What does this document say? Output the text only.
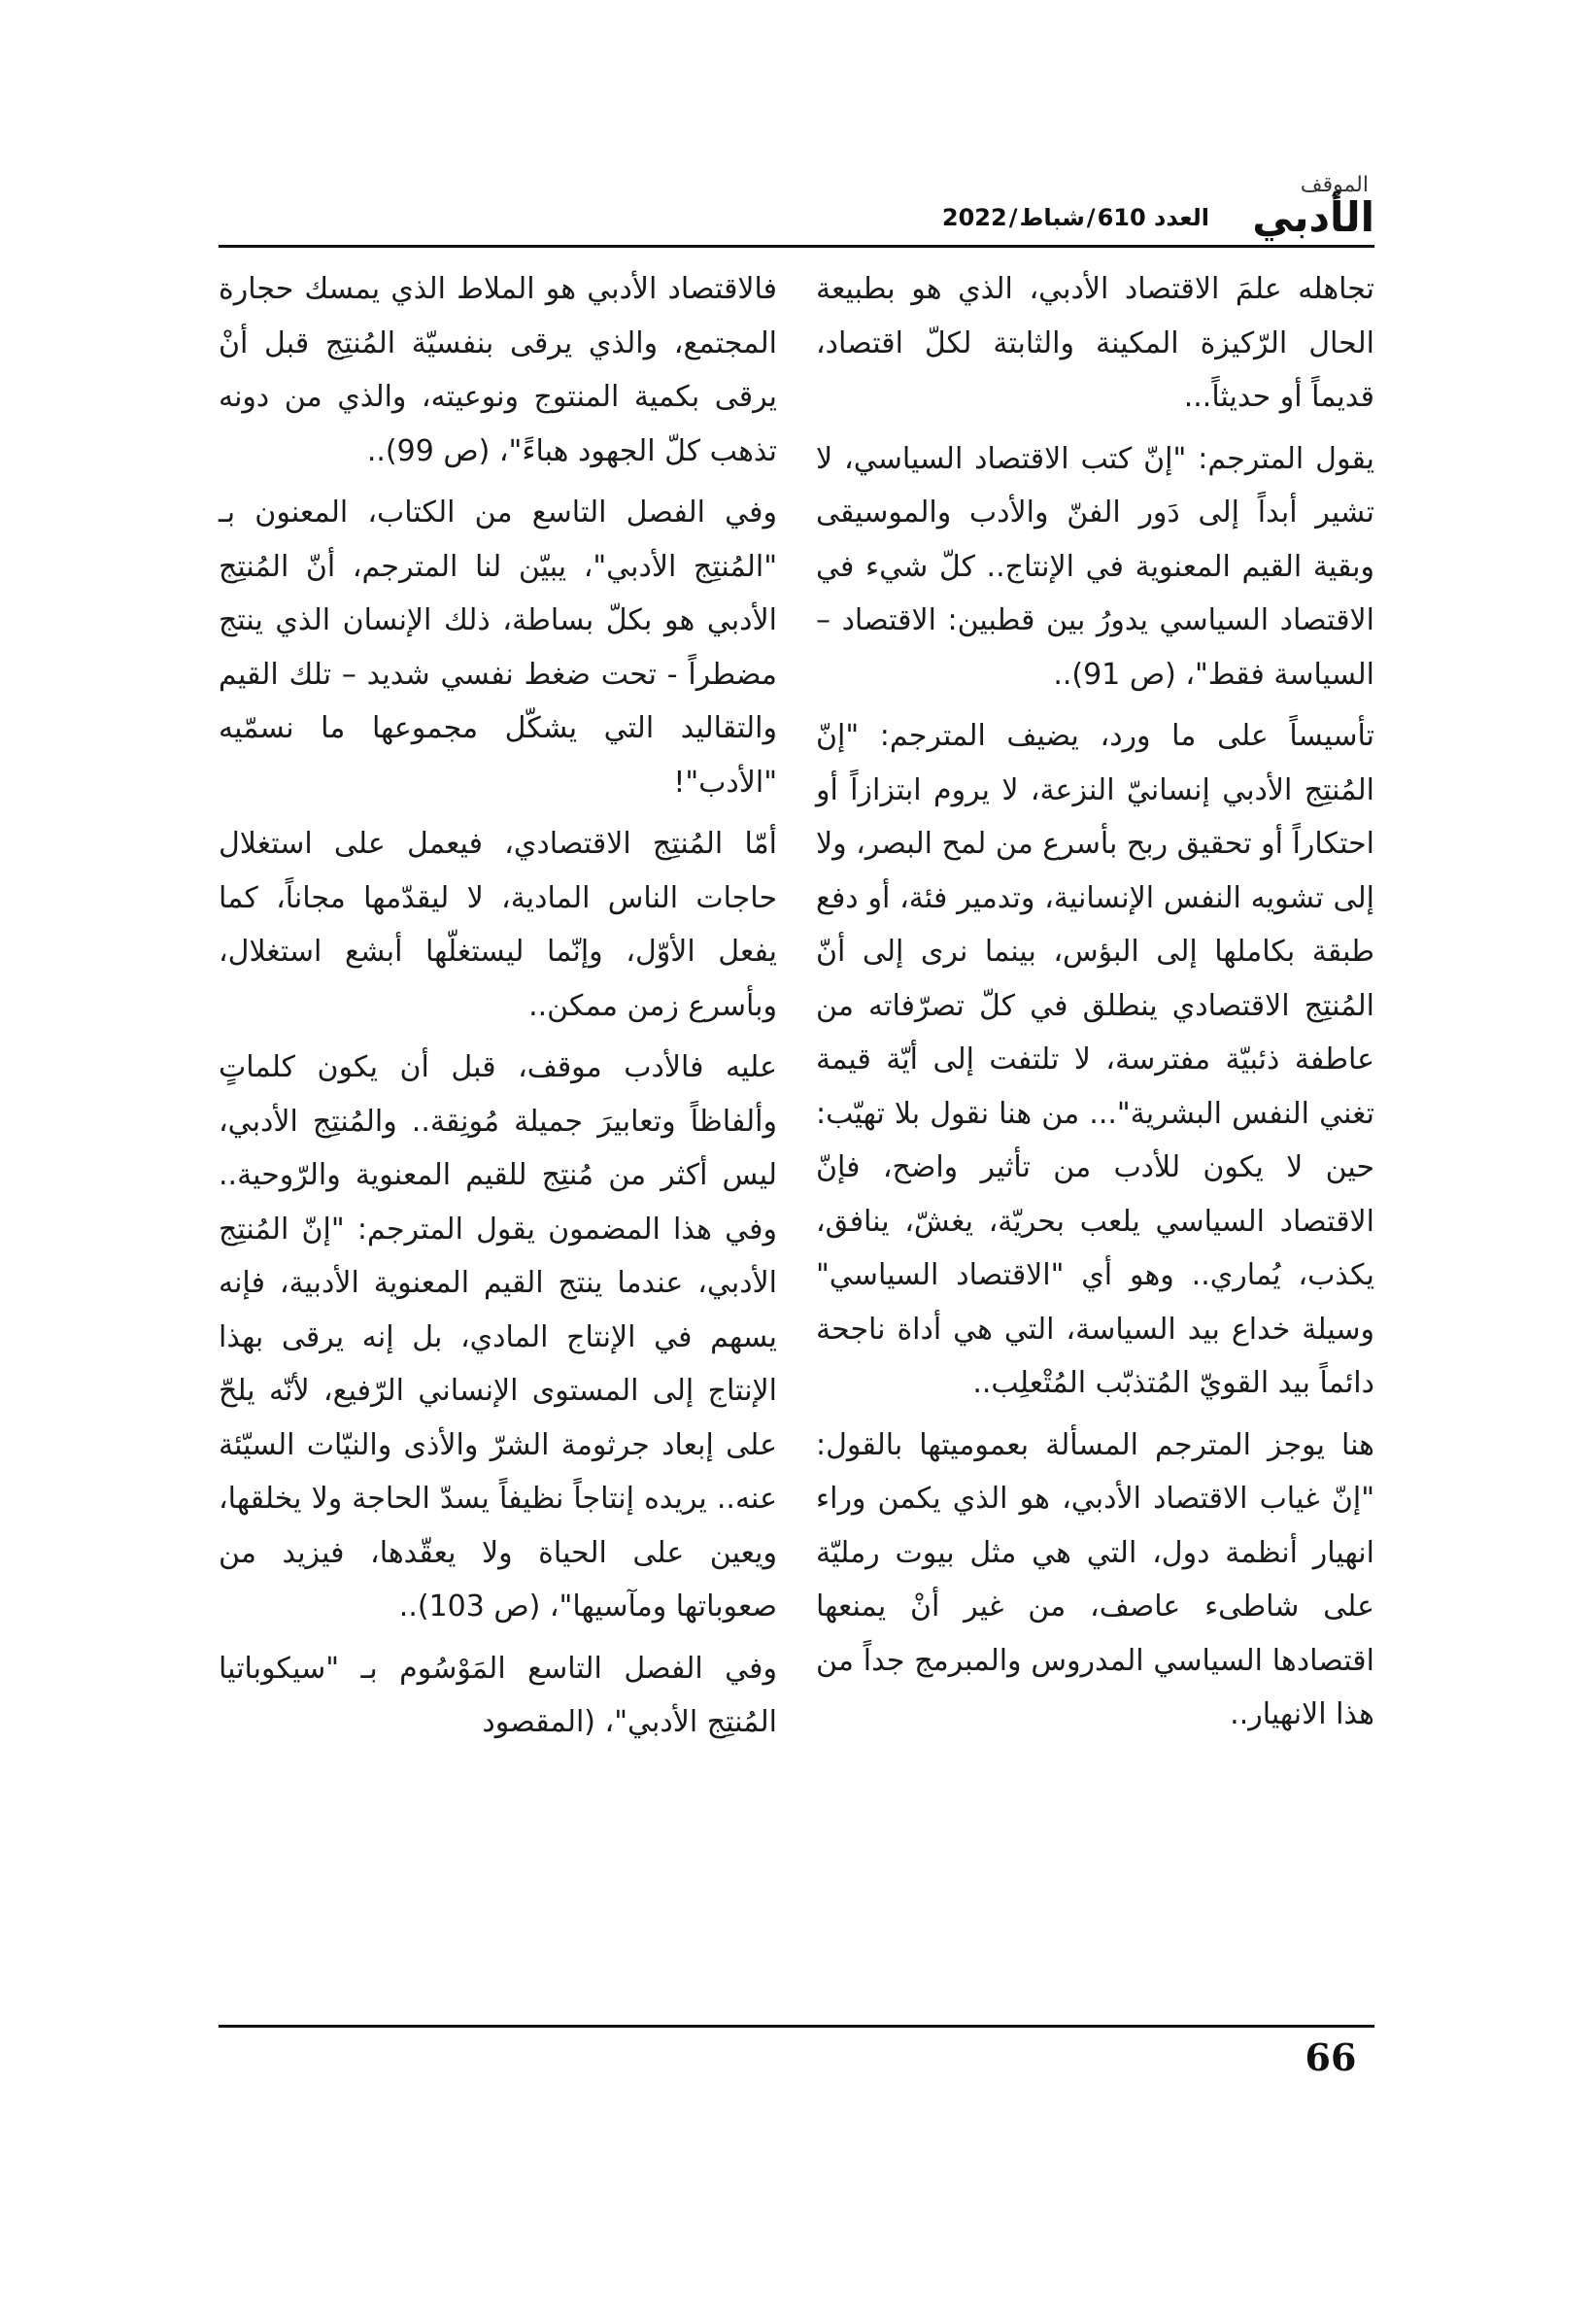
الموقف
الأدبي
العدد 610/شباط/2022

تجاهله علمَ الاقتصاد الأدبي، الذي هو بطبيعة الحال الرّكيزة المكينة والثابتة لكلّ اقتصاد، قديماً أو حديثاً...

يقول المترجم: "إنّ كتب الاقتصاد السياسي، لا تشير أبداً إلى دَور الفنّ والأدب والموسيقى وبقية القيم المعنوية في الإنتاج.. كلّ شيء في الاقتصاد السياسي يدورُ بين قطبين: الاقتصاد – السياسة فقط"، (ص 91)..

تأسيساً على ما ورد، يضيف المترجم: "إنّ المُنتِج الأدبي إنسانيّ النزعة، لا يروم ابتزازاً أو احتكاراً أو تحقيق ربح بأسرع من لمح البصر، ولا إلى تشويه النفس الإنسانية، وتدمير فئة، أو دفع طبقة بكاملها إلى البؤس، بينما نرى إلى أنّ المُنتِج الاقتصادي ينطلق في كلّ تصرّفاته من عاطفة ذئبيّة مفترسة، لا تلتفت إلى أيّة قيمة تغني النفس البشرية"... من هنا نقول بلا تهيّب: حين لا يكون للأدب من تأثير واضح، فإنّ الاقتصاد السياسي يلعب بحريّة، يغشّ، ينافق، يكذب، يُماري.. وهو أي "الاقتصاد السياسي" وسيلة خداع بيد السياسة، التي هي أداة ناجحة دائماً بيد القويّ المُتذبّب المُتْعلِب..

هنا يوجز المترجم المسألة بعموميتها بالقول: "إنّ غياب الاقتصاد الأدبي، هو الذي يكمن وراء انهيار أنظمة دول، التي هي مثل بيوت رمليّة على شاطىء عاصف، من غير أنْ يمنعها اقتصادها السياسي المدروس والمبرمج جداً من هذا الانهيار..

فالاقتصاد الأدبي هو الملاط الذي يمسك حجارة المجتمع، والذي يرقى بنفسيّة المُنتِج قبل أنْ يرقى بكمية المنتوج ونوعيته، والذي من دونه تذهب كلّ الجهود هباءً"، (ص 99)..

وفي الفصل التاسع من الكتاب، المعنون بـ "المُنتِج الأدبي"، يبيّن لنا المترجم، أنّ المُنتِج الأدبي هو بكلّ بساطة، ذلك الإنسان الذي ينتج مضطراً - تحت ضغط نفسي شديد – تلك القيم والتقاليد التي يشكّل مجموعها ما نسمّيه "الأدب"!

أمّا المُنتِج الاقتصادي، فيعمل على استغلال حاجات الناس المادية، لا ليقدّمها مجاناً، كما يفعل الأوّل، وإنّما ليستغلّها أبشع استغلال، وبأسرع زمن ممكن..

عليه فالأدب موقف، قبل أن يكون كلماتٍ وألفاظاً وتعابيرَ جميلة مُونِقة.. والمُنتِج الأدبي، ليس أكثر من مُنتِج للقيم المعنوية والرّوحية.. وفي هذا المضمون يقول المترجم: "إنّ المُنتِج الأدبي، عندما ينتج القيم المعنوية الأدبية، فإنه يسهم في الإنتاج المادي، بل إنه يرقى بهذا الإنتاج إلى المستوى الإنساني الرّفيع، لأنّه يلحّ على إبعاد جرثومة الشرّ والأذى والنيّات السيّئة عنه.. يريده إنتاجاً نظيفاً يسدّ الحاجة ولا يخلقها، ويعين على الحياة ولا يعقّدها، فيزيد من صعوباتها ومآسيها"، (ص 103)..

وفي الفصل التاسع المَوْسُوم بـ "سيكوباتيا المُنتِج الأدبي"، (المقصود

66
